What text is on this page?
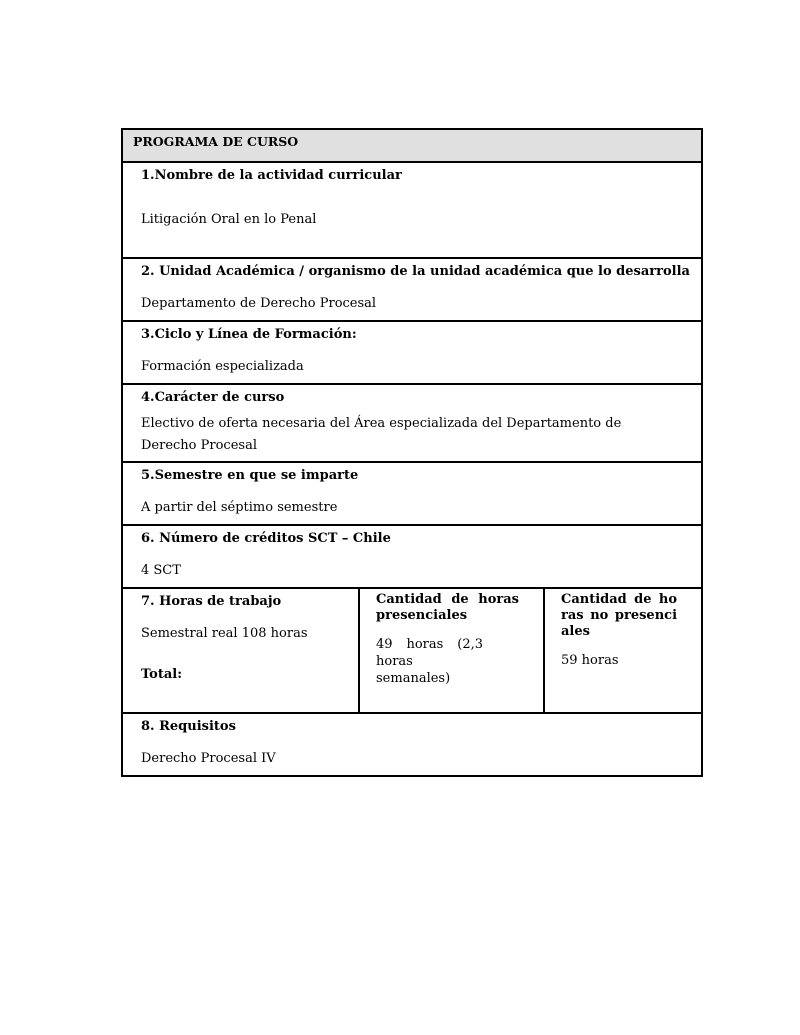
PROGRAMA DE CURSO

1.Nombre de la actividad curricular
Litigación Oral en lo Penal

2. Unidad Académica / organismo de la unidad académica que lo desarrolla
Departamento de Derecho Procesal

3.Ciclo y Línea de Formación:
Formación especializada

4.Carácter de curso
Electivo de oferta necesaria del Área especializada del Departamento de Derecho Procesal

5.Semestre en que se imparte
A partir del séptimo semestre

6. Número de créditos SCT – Chile
4 SCT

7. Horas de trabajo
Semestral real 108 horas
Total:

Cantidad de horas presenciales
49 horas (2,3 horas semanales)

Cantidad de horas no presenciales
59 horas

8. Requisitos
Derecho Procesal IV
